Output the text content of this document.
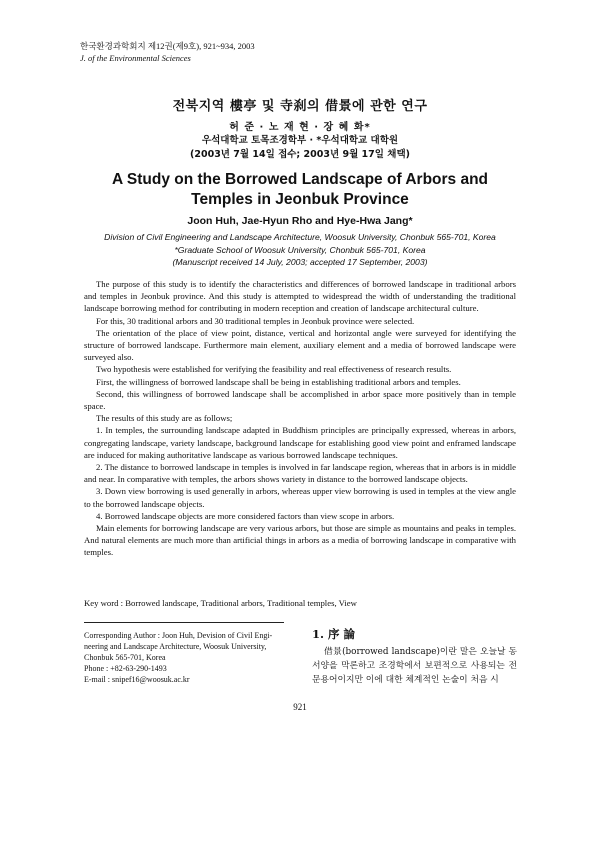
한국환경과학회지 제12권(제9호), 921~934, 2003
J. of the Environmental Sciences
전북지역 樓亭 및 寺刹의 借景에 관한 연구
허 준 · 노 재 현 · 장 혜 화*
우석대학교 토목조경학부 · *우석대학교 대학원
(2003년 7월 14일 접수; 2003년 9월 17일 채택)
A Study on the Borrowed Landscape of Arbors and
Temples in Jeonbuk Province
Joon Huh, Jae-Hyun Rho and Hye-Hwa Jang*
Division of Civil Engineering and Landscape Architecture, Woosuk University, Chonbuk 565-701, Korea
*Graduate School of Woosuk University, Chonbuk 565-701, Korea
(Manuscript received 14 July, 2003; accepted 17 September, 2003)

The purpose of this study is to identify the characteristics and differences of borrowed landscape in traditional arbors and temples in Jeonbuk province. And this study is attempted to widespread the width of understanding the traditional landscape borrowing method for contributing in modern reception and creation of landscape architectural culture.

For this, 30 traditional arbors and 30 traditional temples in Jeonbuk province were selected.

The orientation of the place of view point, distance, vertical and horizontal angle were surveyed for identifying the structure of borrowed landscape. Furthermore main element, auxiliary element and a media of borrowed landscape were surveyed also.

Two hypothesis were established for verifying the feasibility and real effectiveness of research results.

First, the willingness of borrowed landscape shall be being in establishing traditional arbors and temples.

Second, this willingness of borrowed landscape shall be accomplished in arbor space more positively than in temple space.

The results of this study are as follows;

1. In temples, the surrounding landscape adapted in Buddhism principles are principally expressed, whereas in arbors, congregating landscape, variety landscape, background landscape for establishing good view point and enframed landscape are induced for making authoritative landscape as various borrowed landscape techniques.

2. The distance to borrowed landscape in temples is involved in far landscape region, whereas that in arbors is in middle and near. In comparative with temples, the arbors shows variety in distance to the borrowed landscape objects.

3. Down view borrowing is used generally in arbors, whereas upper view borrowing is used in temples at the view angle to the borrowed landscape objects.

4. Borrowed landscape objects are more considered factors than view scope in arbors.

Main elements for borrowing landscape are very various arbors, but those are simple as mountains and peaks in temples. And natural elements are much more than artificial things in arbors as a media of borrowing landscape in comparative with temples.

Key word : Borrowed landscape, Traditional arbors, Traditional temples, View
Corresponding Author : Joon Huh, Devision of Civil Engi-
neering and Landscape Architecture, Woosuk University,
Chonbuk 565-701, Korea
Phone : +82-63-290-1493
E-mail : snipef16@woosuk.ac.kr
1. 序 論

借景(borrowed landscape)이란 말은 오늘날 동서양을 막론하고 조경학에서 보편적으로 사용되는 전문용어이지만 이에 대한 체계적인 논술이 처음 시

921
